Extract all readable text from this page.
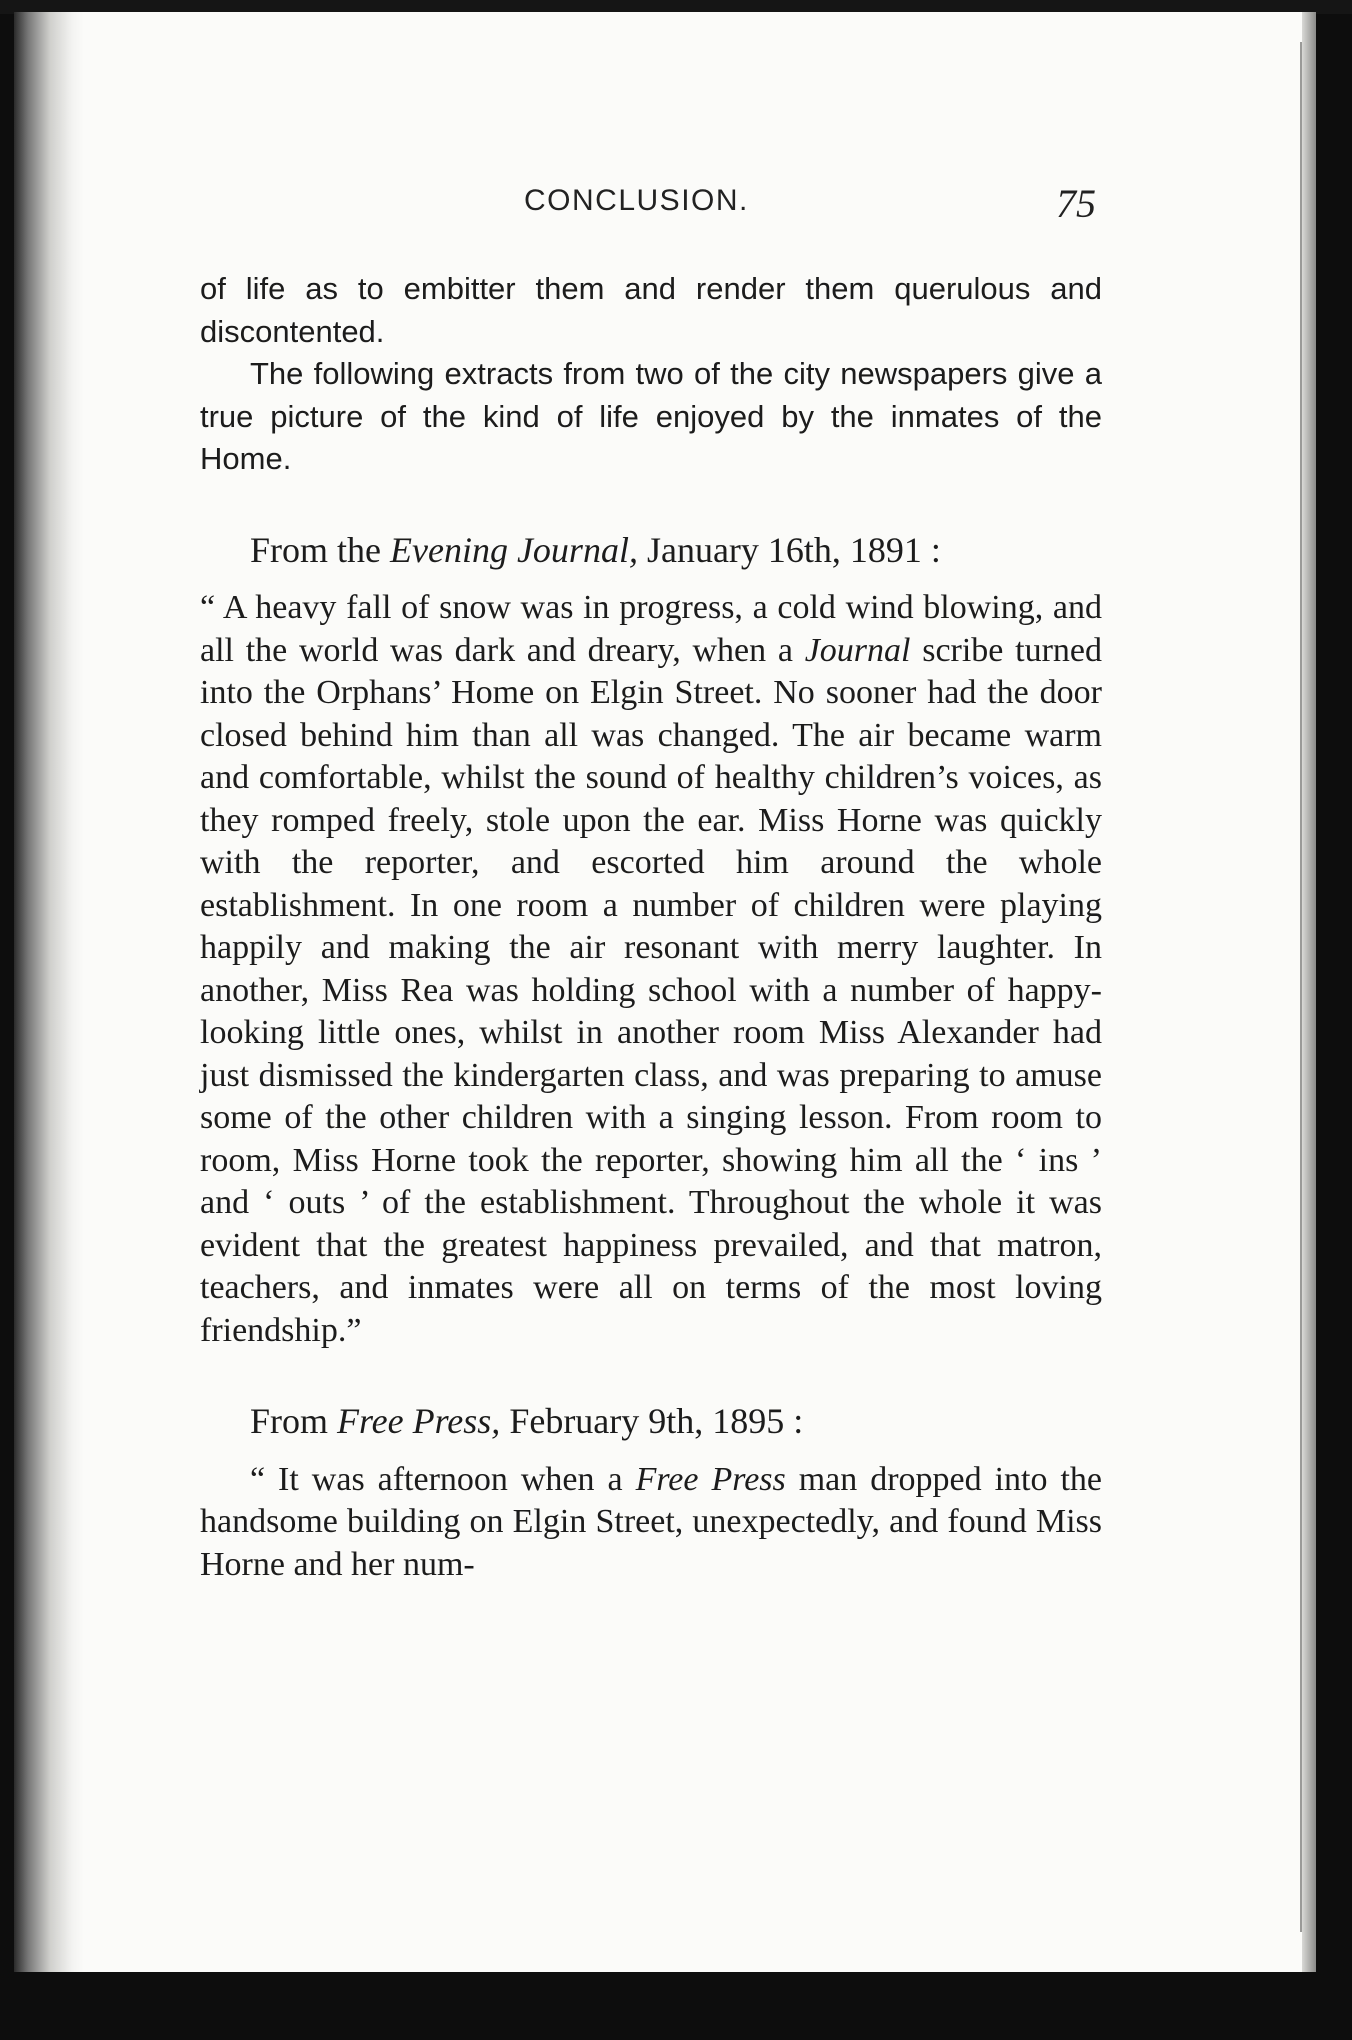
CONCLUSION.	75

of life as to embitter them and render them querulous and discontented.

The following extracts from two of the city newspapers give a true picture of the kind of life enjoyed by the inmates of the Home.

From the Evening Journal, January 16th, 1891 :

“ A heavy fall of snow was in progress, a cold wind blowing, and all the world was dark and dreary, when a Journal scribe turned into the Orphans’ Home on Elgin Street. No sooner had the door closed behind him than all was changed. The air became warm and comfortable, whilst the sound of healthy children’s voices, as they romped freely, stole upon the ear. Miss Horne was quickly with the reporter, and escorted him around the whole establishment. In one room a number of children were playing happily and making the air resonant with merry laughter. In another, Miss Rea was holding school with a number of happy-looking little ones, whilst in another room Miss Alexander had just dismissed the kindergarten class, and was preparing to amuse some of the other children with a singing lesson. From room to room, Miss Horne took the reporter, showing him all the ‘ ins ’ and ‘ outs ’ of the establishment. Throughout the whole it was evident that the greatest happiness prevailed, and that matron, teachers, and inmates were all on terms of the most loving friendship.”

From Free Press, February 9th, 1895 :

“ It was afternoon when a Free Press man dropped into the handsome building on Elgin Street, unexpectedly, and found Miss Horne and her num-
